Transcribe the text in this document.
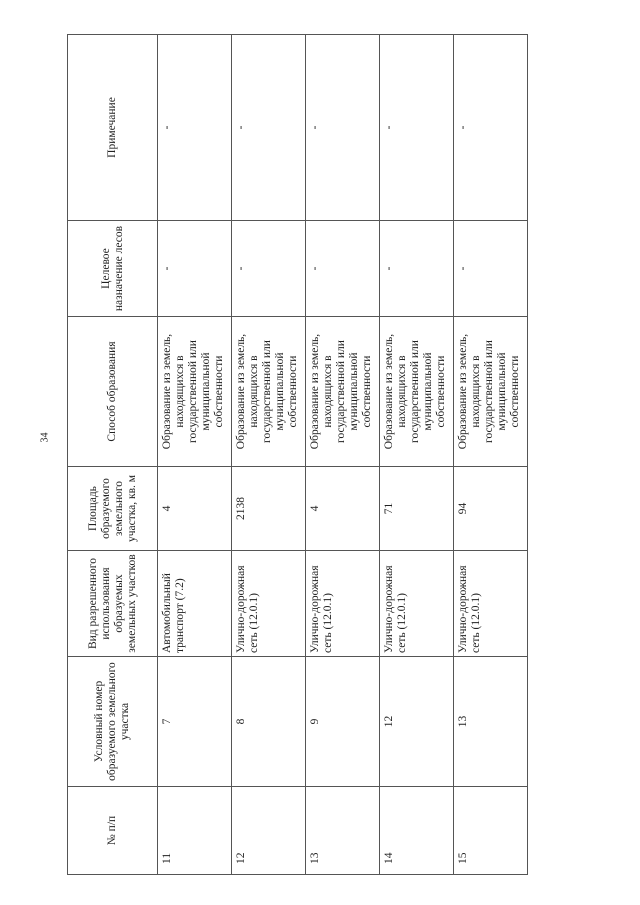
34
№ п/п	Условный номер образуемого земельного участка	Вид разрешенного использования образуемых земельных участков	Площадь образуемого земельного участка, кв. м	Способ образования	Целевое назначение лесов	Примечание
11	7	Автомобильный транспорт (7.2)	4	Образование из земель, находящихся в государственной или муниципальной собственности	-	-
12	8	Улично-дорожная сеть (12.0.1)	2138	Образование из земель, находящихся в государственной или муниципальной собственности	-	-
13	9	Улично-дорожная сеть (12.0.1)	4	Образование из земель, находящихся в государственной или муниципальной собственности	-	-
14	12	Улично-дорожная сеть (12.0.1)	71	Образование из земель, находящихся в государственной или муниципальной собственности	-	-
15	13	Улично-дорожная сеть (12.0.1)	94	Образование из земель, находящихся в государственной или муниципальной собственности	-	-
